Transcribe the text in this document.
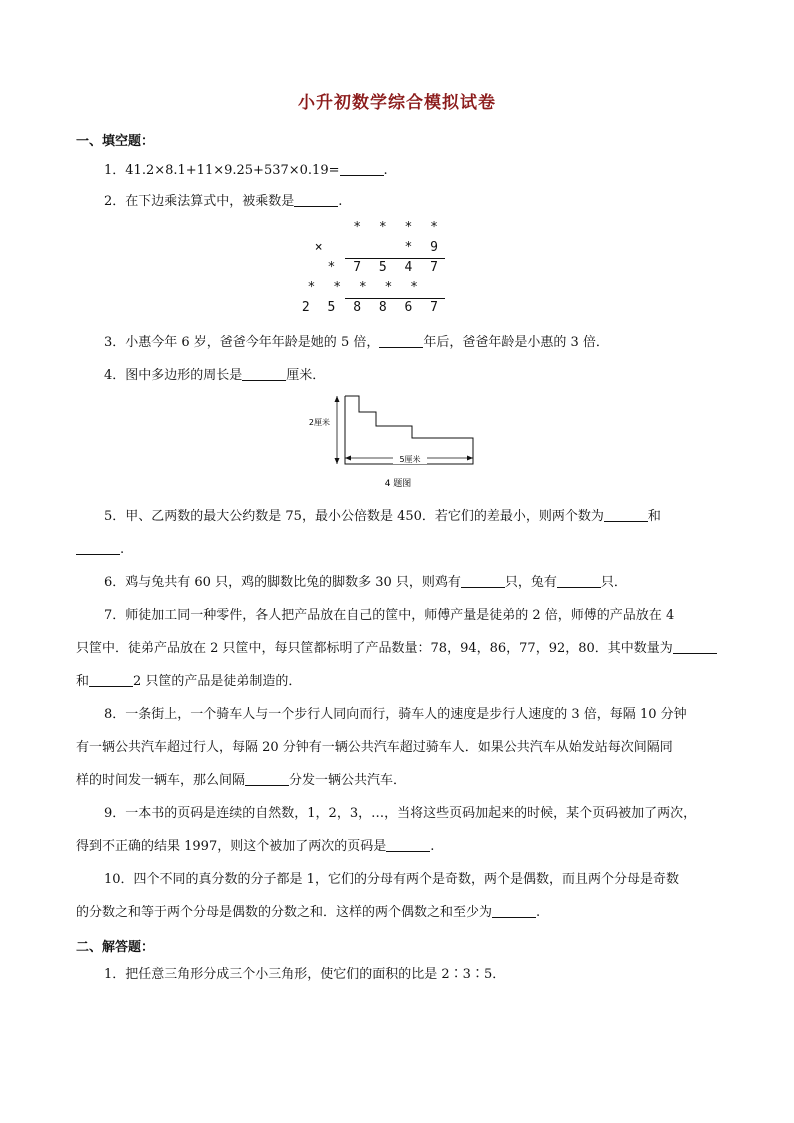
小升初数学综合模拟试卷
一、填空题：
1．41.2×8.1+11×9.25+537×0.19=	.
2．在下边乘法算式中，被乘数是	.
* * * *
×      * 9
* 7 5 4 7
* * * * *
2 5 8 8 6 7
3．小惠今年 6 岁，爸爸今年年龄是她的 5 倍，	年后，爸爸年龄是小惠的 3 倍．
4．图中多边形的周长是	厘米．
2厘米
5厘米
4 题图
5．甲、乙两数的最大公约数是 75，最小公倍数是 450．若它们的差最小，则两个数为	和
.
6．鸡与兔共有 60 只，鸡的脚数比兔的脚数多 30 只，则鸡有	只，兔有	只．
7．师徒加工同一种零件，各人把产品放在自己的筐中，师傅产量是徒弟的 2 倍，师傅的产品放在 4
只筐中．徒弟产品放在 2 只筐中，每只筐都标明了产品数量：78，94，86，77，92，80．其中数量为
和	2 只筐的产品是徒弟制造的．
8．一条街上，一个骑车人与一个步行人同向而行，骑车人的速度是步行人速度的 3 倍，每隔 10 分钟
有一辆公共汽车超过行人，每隔 20 分钟有一辆公共汽车超过骑车人．如果公共汽车从始发站每次间隔同
样的时间发一辆车，那么间隔	分发一辆公共汽车．
9．一本书的页码是连续的自然数，1，2，3，…，当将这些页码加起来的时候，某个页码被加了两次，
得到不正确的结果 1997，则这个被加了两次的页码是	.
10．四个不同的真分数的分子都是 1，它们的分母有两个是奇数，两个是偶数，而且两个分母是奇数
的分数之和等于两个分母是偶数的分数之和．这样的两个偶数之和至少为	.
二、解答题：
1．把任意三角形分成三个小三角形，使它们的面积的比是 2∶3∶5．
